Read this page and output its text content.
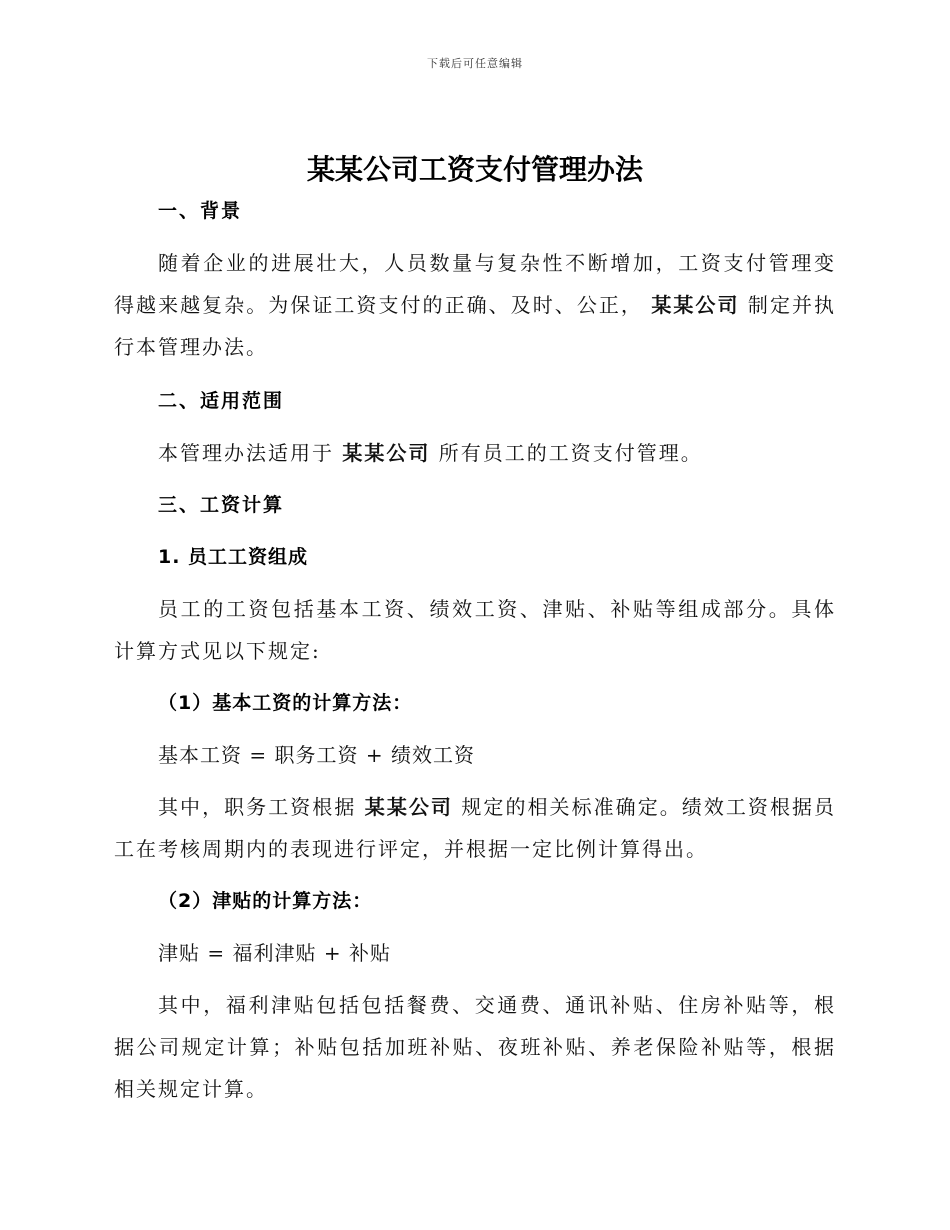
下载后可任意编辑
某某公司工资支付管理办法

一、背景

随着企业的进展壮大，人员数量与复杂性不断增加，工资支付管理变得越来越复杂。为保证工资支付的正确、及时、公正， 某某公司 制定并执行本管理办法。

二、适用范围

本管理办法适用于 某某公司 所有员工的工资支付管理。

三、工资计算

1. 员工工资组成

员工的工资包括基本工资、绩效工资、津贴、补贴等组成部分。具体计算方式见以下规定:

（1）基本工资的计算方法：

基本工资 = 职务工资 + 绩效工资

其中，职务工资根据 某某公司 规定的相关标准确定。绩效工资根据员工在考核周期内的表现进行评定，并根据一定比例计算得出。

（2）津贴的计算方法：

津贴 = 福利津贴 + 补贴

其中，福利津贴包括包括餐费、交通费、通讯补贴、住房补贴等，根据公司规定计算；补贴包括加班补贴、夜班补贴、养老保险补贴等，根据相关规定计算。
